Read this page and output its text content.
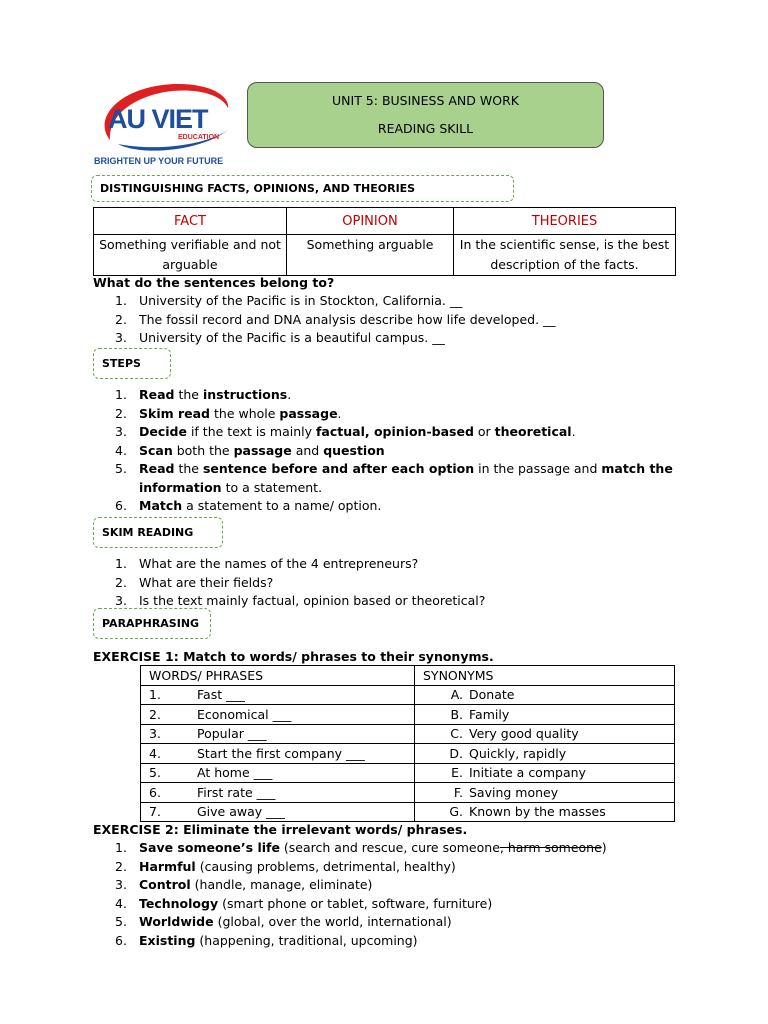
AU VIET
EDUCATION
BRIGHTEN UP YOUR FUTURE
UNIT 5: BUSINESS AND WORK
READING SKILL
DISTINGUISHING FACTS, OPINIONS, AND THEORIES
FACT	OPINION	THEORIES
Something verifiable and not arguable	Something arguable	In the scientific sense, is the best description of the facts.
What do the sentences belong to?
1. University of the Pacific is in Stockton, California. __
2. The fossil record and DNA analysis describe how life developed. __
3. University of the Pacific is a beautiful campus. __
STEPS
1. Read the instructions.
2. Skim read the whole passage.
3. Decide if the text is mainly factual, opinion-based or theoretical.
4. Scan both the passage and question
5. Read the sentence before and after each option in the passage and match the
information to a statement.
6. Match a statement to a name/ option.
SKIM READING
1. What are the names of the 4 entrepreneurs?
2. What are their fields?
3. Is the text mainly factual, opinion based or theoretical?
PARAPHRASING
EXERCISE 1: Match to words/ phrases to their synonyms.
WORDS/ PHRASES	SYNONYMS
1. Fast ___	A. Donate
2. Economical ___	B. Family
3. Popular ___	C. Very good quality
4. Start the first company ___	D. Quickly, rapidly
5. At home ___	E. Initiate a company
6. First rate ___	F. Saving money
7. Give away ___	G. Known by the masses
EXERCISE 2: Eliminate the irrelevant words/ phrases.
1. Save someone’s life (search and rescue, cure someone, harm someone)
2. Harmful (causing problems, detrimental, healthy)
3. Control (handle, manage, eliminate)
4. Technology (smart phone or tablet, software, furniture)
5. Worldwide (global, over the world, international)
6. Existing (happening, traditional, upcoming)
